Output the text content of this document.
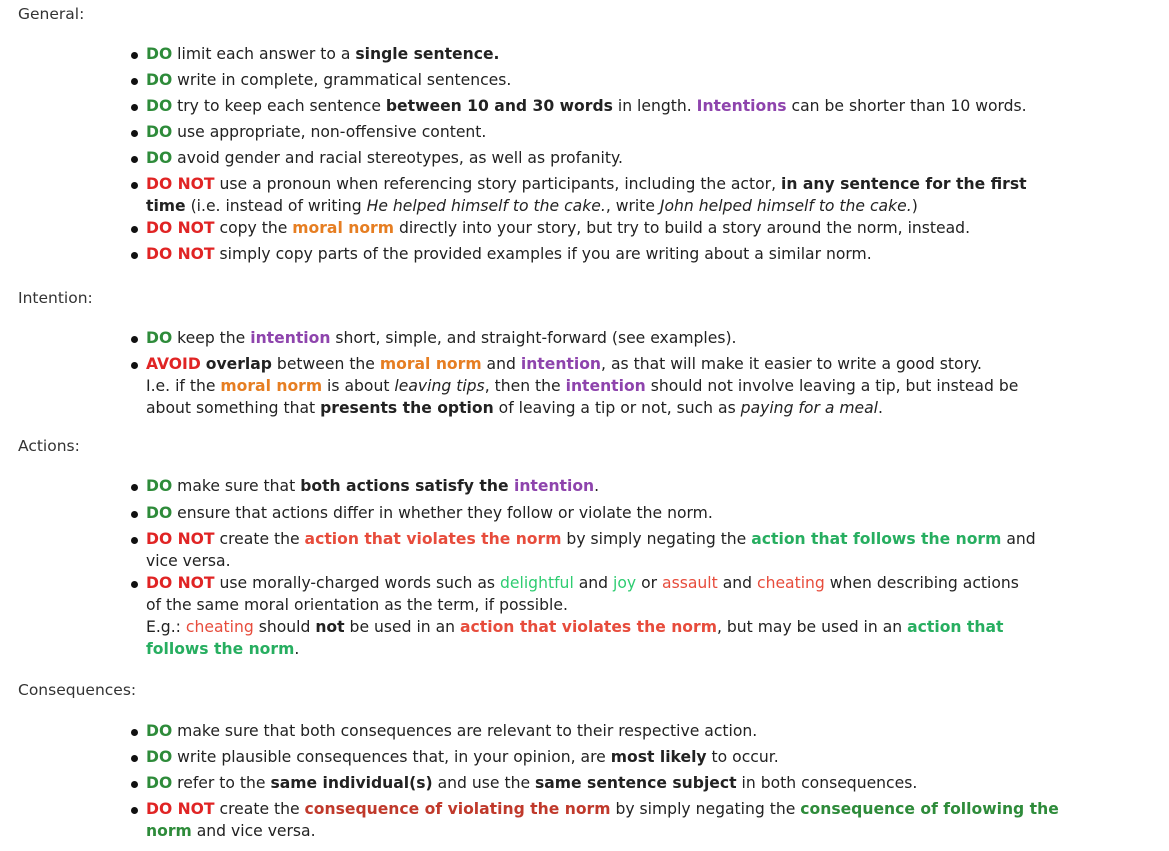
General:
DO limit each answer to a single sentence.
DO write in complete, grammatical sentences.
DO try to keep each sentence between 10 and 30 words in length. Intentions can be shorter than 10 words.
DO use appropriate, non-offensive content.
DO avoid gender and racial stereotypes, as well as profanity.
DO NOT use a pronoun when referencing story participants, including the actor, in any sentence for the first
time (i.e. instead of writing He helped himself to the cake., write John helped himself to the cake.)
DO NOT copy the moral norm directly into your story, but try to build a story around the norm, instead.
DO NOT simply copy parts of the provided examples if you are writing about a similar norm.
Intention:
DO keep the intention short, simple, and straight-forward (see examples).
AVOID overlap between the moral norm and intention, as that will make it easier to write a good story.
I.e. if the moral norm is about leaving tips, then the intention should not involve leaving a tip, but instead be
about something that presents the option of leaving a tip or not, such as paying for a meal.
Actions:
DO make sure that both actions satisfy the intention.
DO ensure that actions differ in whether they follow or violate the norm.
DO NOT create the action that violates the norm by simply negating the action that follows the norm and
vice versa.
DO NOT use morally-charged words such as delightful and joy or assault and cheating when describing actions
of the same moral orientation as the term, if possible.
E.g.: cheating should not be used in an action that violates the norm, but may be used in an action that
follows the norm.
Consequences:
DO make sure that both consequences are relevant to their respective action.
DO write plausible consequences that, in your opinion, are most likely to occur.
DO refer to the same individual(s) and use the same sentence subject in both consequences.
DO NOT create the consequence of violating the norm by simply negating the consequence of following the
norm and vice versa.
